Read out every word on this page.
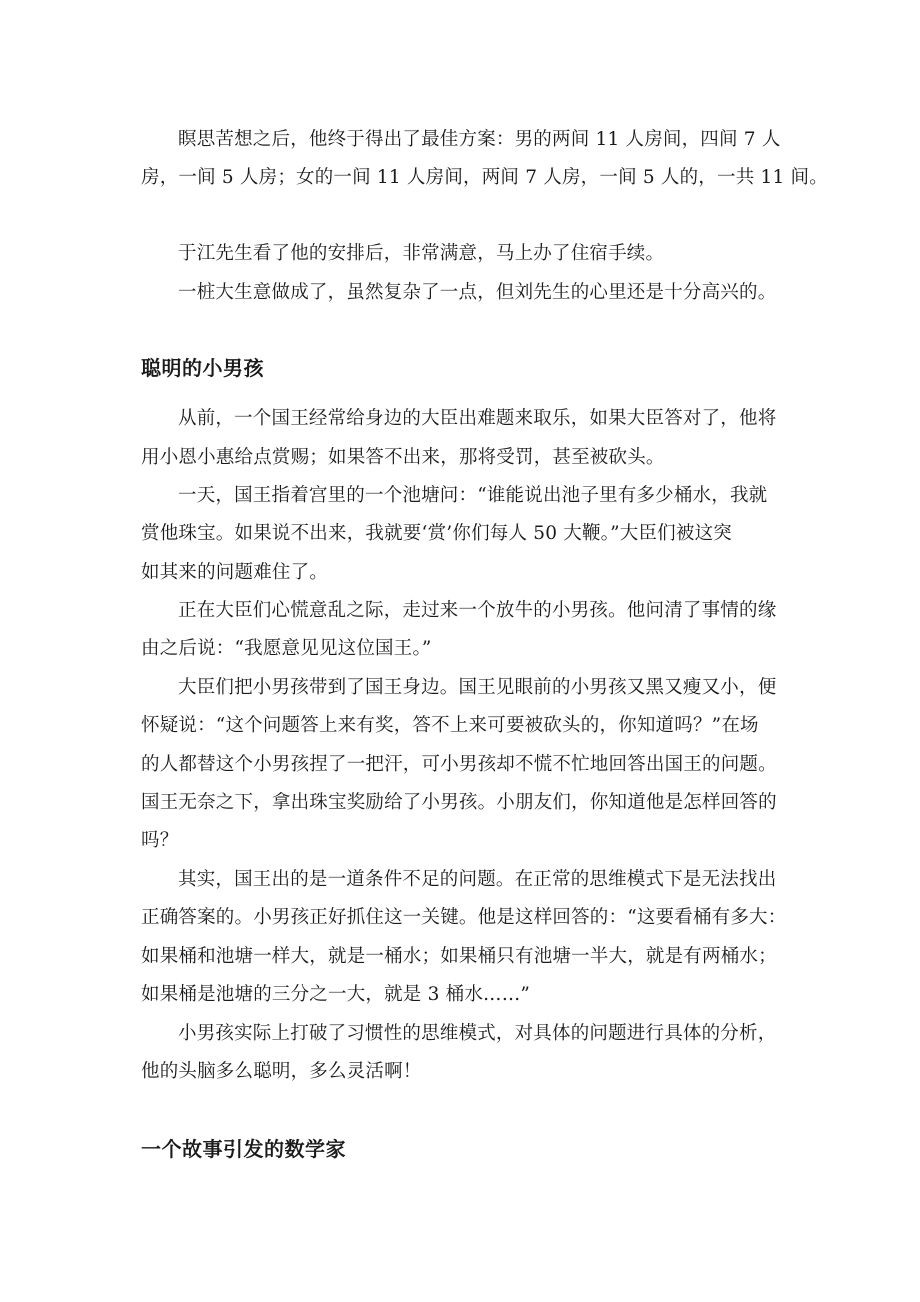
瞑思苦想之后，他终于得出了最佳方案：男的两间 11 人房间，四间 7 人
房，一间 5 人房；女的一间 11 人房间，两间 7 人房，一间 5 人的，一共 11 间。
于江先生看了他的安排后，非常满意，马上办了住宿手续。
一桩大生意做成了，虽然复杂了一点，但刘先生的心里还是十分高兴的。
聪明的小男孩
从前，一个国王经常给身边的大臣出难题来取乐，如果大臣答对了，他将
用小恩小惠给点赏赐；如果答不出来，那将受罚，甚至被砍头。
一天，国王指着宫里的一个池塘问：“谁能说出池子里有多少桶水，我就
赏他珠宝。如果说不出来，我就要‘赏’你们每人 50 大鞭。”大臣们被这突
如其来的问题难住了。
正在大臣们心慌意乱之际，走过来一个放牛的小男孩。他问清了事情的缘
由之后说：“我愿意见见这位国王。”
大臣们把小男孩带到了国王身边。国王见眼前的小男孩又黑又瘦又小，便
怀疑说：“这个问题答上来有奖，答不上来可要被砍头的，你知道吗？”在场
的人都替这个小男孩捏了一把汗，可小男孩却不慌不忙地回答出国王的问题。
国王无奈之下，拿出珠宝奖励给了小男孩。小朋友们，你知道他是怎样回答的
吗？
其实，国王出的是一道条件不足的问题。在正常的思维模式下是无法找出
正确答案的。小男孩正好抓住这一关键。他是这样回答的：“这要看桶有多大：
如果桶和池塘一样大，就是一桶水；如果桶只有池塘一半大，就是有两桶水；
如果桶是池塘的三分之一大，就是 3 桶水……”
小男孩实际上打破了习惯性的思维模式，对具体的问题进行具体的分析，
他的头脑多么聪明，多么灵活啊！
一个故事引发的数学家
